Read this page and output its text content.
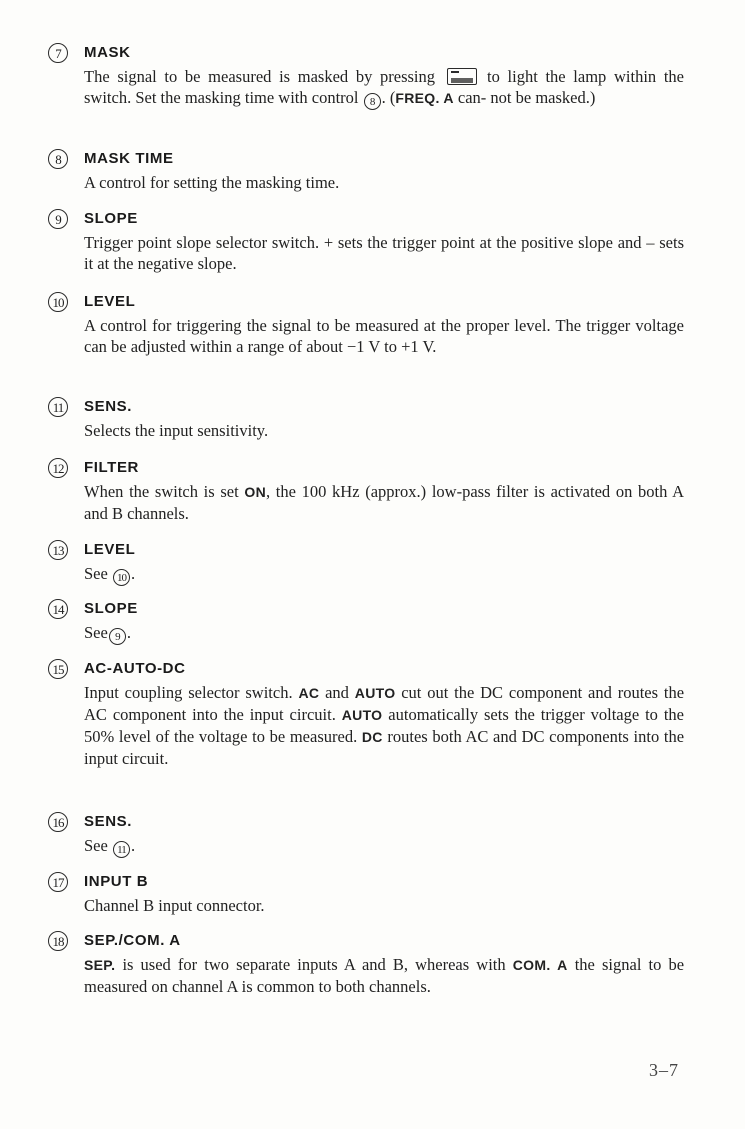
7	MASK
The signal to be measured is masked by pressing	to light the lamp within the switch. Set the masking time with control 8 . (FREQ. A can- not be masked.)
8	MASK TIME
A control for setting the masking time.
9	SLOPE
Trigger point slope selector switch. + sets the trigger point at the positive slope and – sets it at the negative slope.
10	LEVEL
A control for triggering the signal to be measured at the proper level. The trigger voltage can be adjusted within a range of about −1 V to +1 V.
11	SENS.
Selects the input sensitivity.
12	FILTER
When the switch is set ON, the 100 kHz (approx.) low-pass filter is activated on both A and B channels.
13	LEVEL
See 10 .
14	SLOPE
See 9 .
15	AC-AUTO-DC
Input coupling selector switch. AC and AUTO cut out the DC component and routes the AC component into the input circuit. AUTO automatically sets the trigger voltage to the 50% level of the voltage to be measured. DC routes both AC and DC components into the input circuit.
16	SENS.
See 11 .
17	INPUT B
Channel B input connector.
18	SEP./COM. A
SEP. is used for two separate inputs A and B, whereas with COM. A the signal to be measured on channel A is common to both channels.
3–7
